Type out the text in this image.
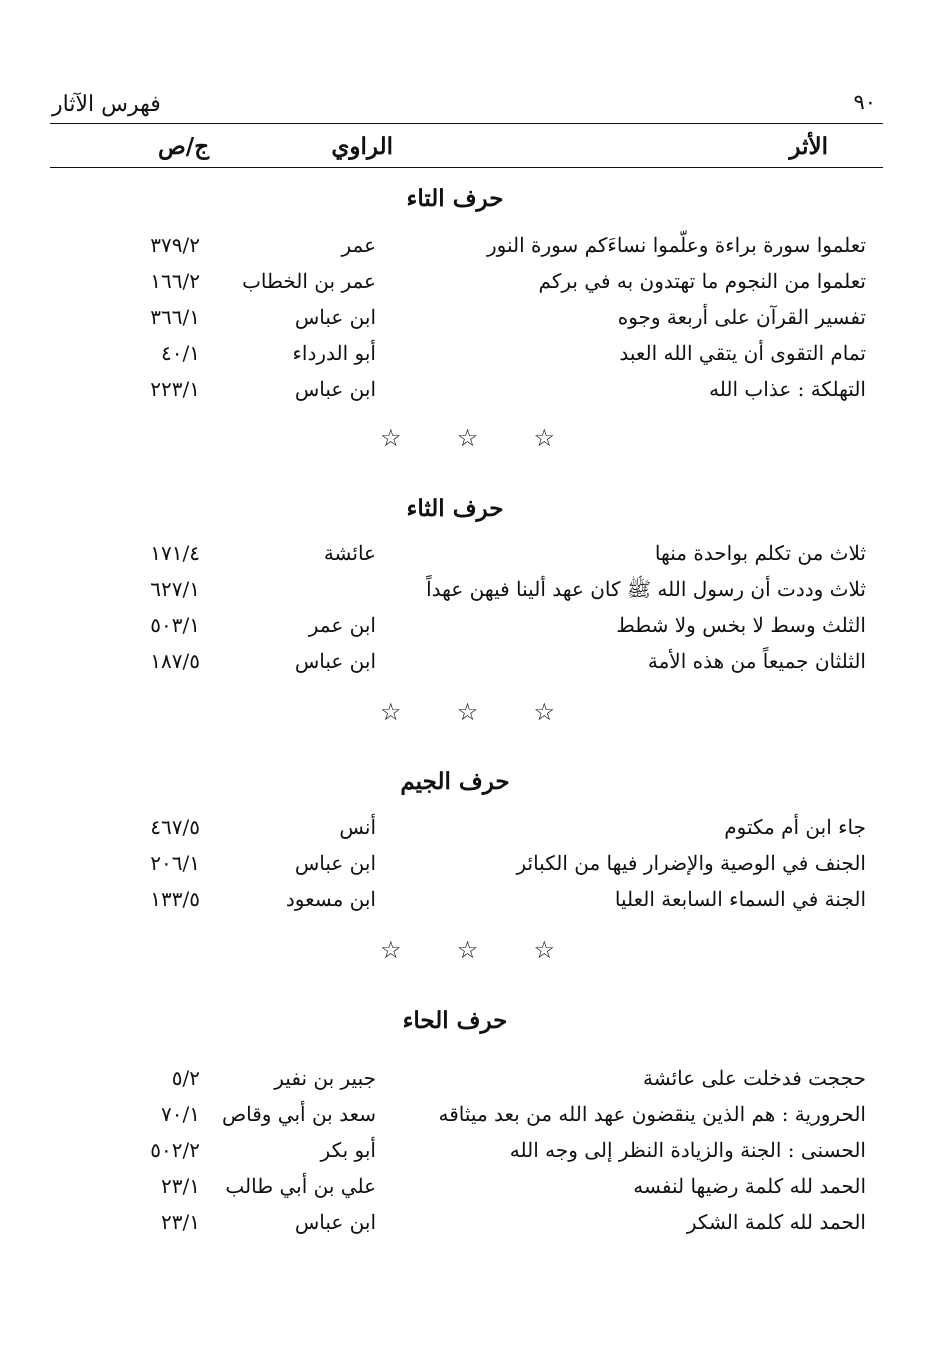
فهرس الآثار	٩٠
الأثر
الراوي
ج/ص
حرف التاء
تعلموا سورة براءة وعلّموا نساءَكم سورة النور
عمر
٣٧٩/٢
تعلموا من النجوم ما تهتدون به في بركم
عمر بن الخطاب
١٦٦/٢
تفسير القرآن على أربعة وجوه
ابن عباس
٣٦٦/١
تمام التقوى أن يتقي الله العبد
أبو الدرداء
٤٠/١
التهلكة : عذاب الله
ابن عباس
٢٢٣/١
☆ ☆ ☆
حرف الثاء
ثلاث من تكلم بواحدة منها
عائشة
١٧١/٤
ثلاث وددت أن رسول الله ﷺ كان عهد ألينا فيهن عهداً
٦٢٧/١
الثلث وسط لا بخس ولا شطط
ابن عمر
٥٠٣/١
الثلثان جميعاً من هذه الأمة
ابن عباس
١٨٧/٥
☆ ☆ ☆
حرف الجيم
جاء ابن أم مكتوم
أنس
٤٦٧/٥
الجنف في الوصية والإضرار فيها من الكبائر
ابن عباس
٢٠٦/١
الجنة في السماء السابعة العليا
ابن مسعود
١٣٣/٥
☆ ☆ ☆
حرف الحاء
حججت فدخلت على عائشة
جبير بن نفير
٥/٢
الحرورية : هم الذين ينقضون عهد الله من بعد ميثاقه
سعد بن أبي وقاص
٧٠/١
الحسنى : الجنة والزيادة النظر إلى وجه الله
أبو بكر
٥٠٢/٢
الحمد لله كلمة رضيها لنفسه
علي بن أبي طالب
٢٣/١
الحمد لله كلمة الشكر
ابن عباس
٢٣/١
